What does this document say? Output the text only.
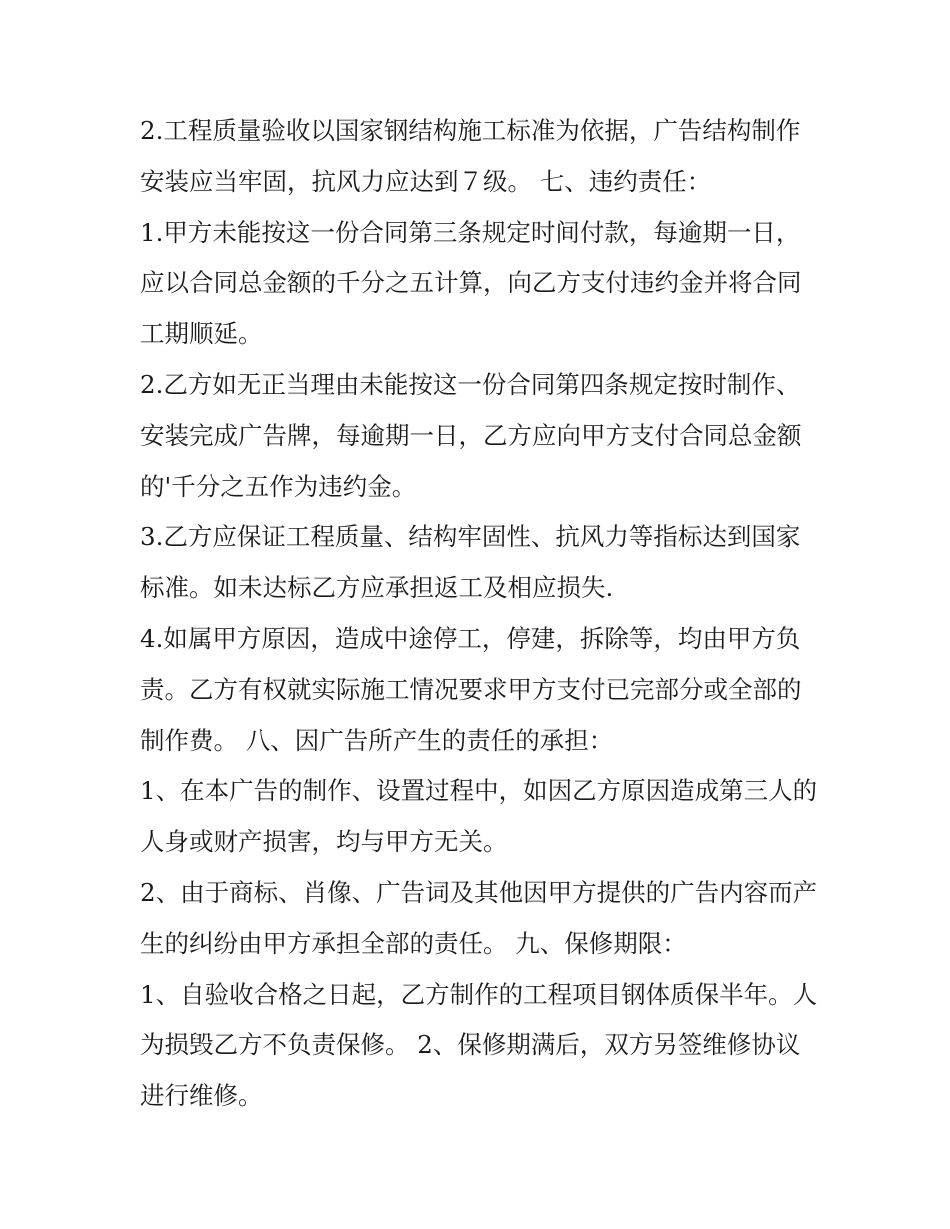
2.工程质量验收以国家钢结构施工标准为依据，广告结构制作安装应当牢固，抗风力应达到７级。 七、违约责任：

1.甲方未能按这一份合同第三条规定时间付款，每逾期一日，应以合同总金额的千分之五计算，向乙方支付违约金并将合同工期顺延。

2.乙方如无正当理由未能按这一份合同第四条规定按时制作、安装完成广告牌，每逾期一日，乙方应向甲方支付合同总金额的'千分之五作为违约金。

3.乙方应保证工程质量、结构牢固性、抗风力等指标达到国家标准。如未达标乙方应承担返工及相应损失.

4.如属甲方原因，造成中途停工，停建，拆除等，均由甲方负责。乙方有权就实际施工情况要求甲方支付已完部分或全部的制作费。 八、因广告所产生的责任的承担：

1、在本广告的制作、设置过程中，如因乙方原因造成第三人的人身或财产损害，均与甲方无关。

2、由于商标、肖像、广告词及其他因甲方提供的广告内容而产生的纠纷由甲方承担全部的责任。 九、保修期限：

1、自验收合格之日起，乙方制作的工程项目钢体质保半年。人为损毁乙方不负责保修。 2、保修期满后，双方另签维修协议进行维修。
